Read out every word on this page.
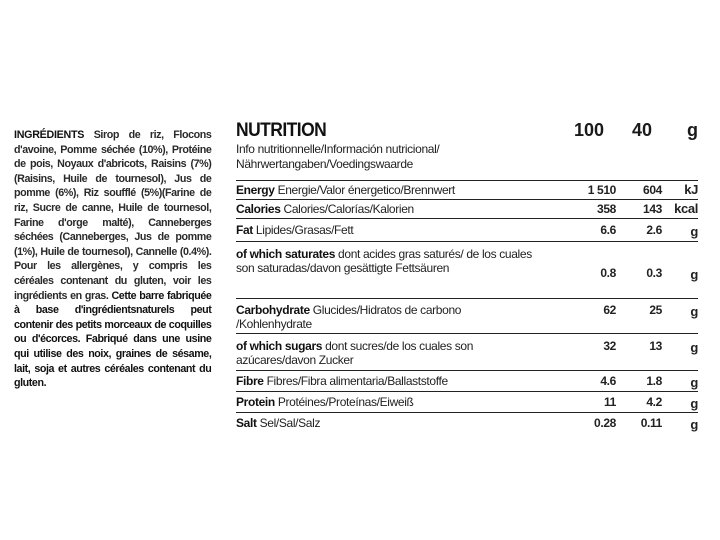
INGRÉDIENTS Sirop de riz, Flocons d'avoine, Pomme séchée (10%), Protéine de pois, Noyaux d'abricots, Raisins (7%) (Raisins, Huile de tournesol), Jus de pomme (6%), Riz soufflé (5%)(Farine de riz, Sucre de canne, Huile de tournesol, Farine d'orge malté), Canneberges séchées (Canneberges, Jus de pomme (1%), Huile de tournesol), Cannelle (0.4%). Pour les allergènes, y compris les céréales contenant du gluten, voir les ingrédients en gras. Cette barre fabriquée à base d'ingrédientsnaturels peut contenir des petits morceaux de coquilles ou d'écorces. Fabriqué dans une usine qui utilise des noix, graines de sésame, lait, soja et autres céréales contenant du gluten.
NUTRITION
Info nutritionnelle/Información nutricional/ Nährwertangaben/Voedingswaarde
100	40	g
Energy Energie/Valor énergetico/Brennwert	1 510	604	kJ
Calories Calories/Calorías/Kalorien	358	143 kcal
Fat Lipides/Grasas/Fett	6.6	2.6	g
of which saturates dont acides gras saturés/ de los cuales son saturadas/davon gesättigte Fettsäuren	0.8	0.3	g
Carbohydrate Glucides/Hidratos de carbono /Kohlenhydrate
62	25	g
of which sugars dont sucres/de los cuales son azúcares/davon Zucker
32	13	g
Fibre Fibres/Fibra alimentaria/Ballaststoffe	4.6	1.8	g
Protein Protéines/Proteínas/Eiweiß	11	4.2	g
Salt Sel/Sal/Salz	0.28	0.11	g
